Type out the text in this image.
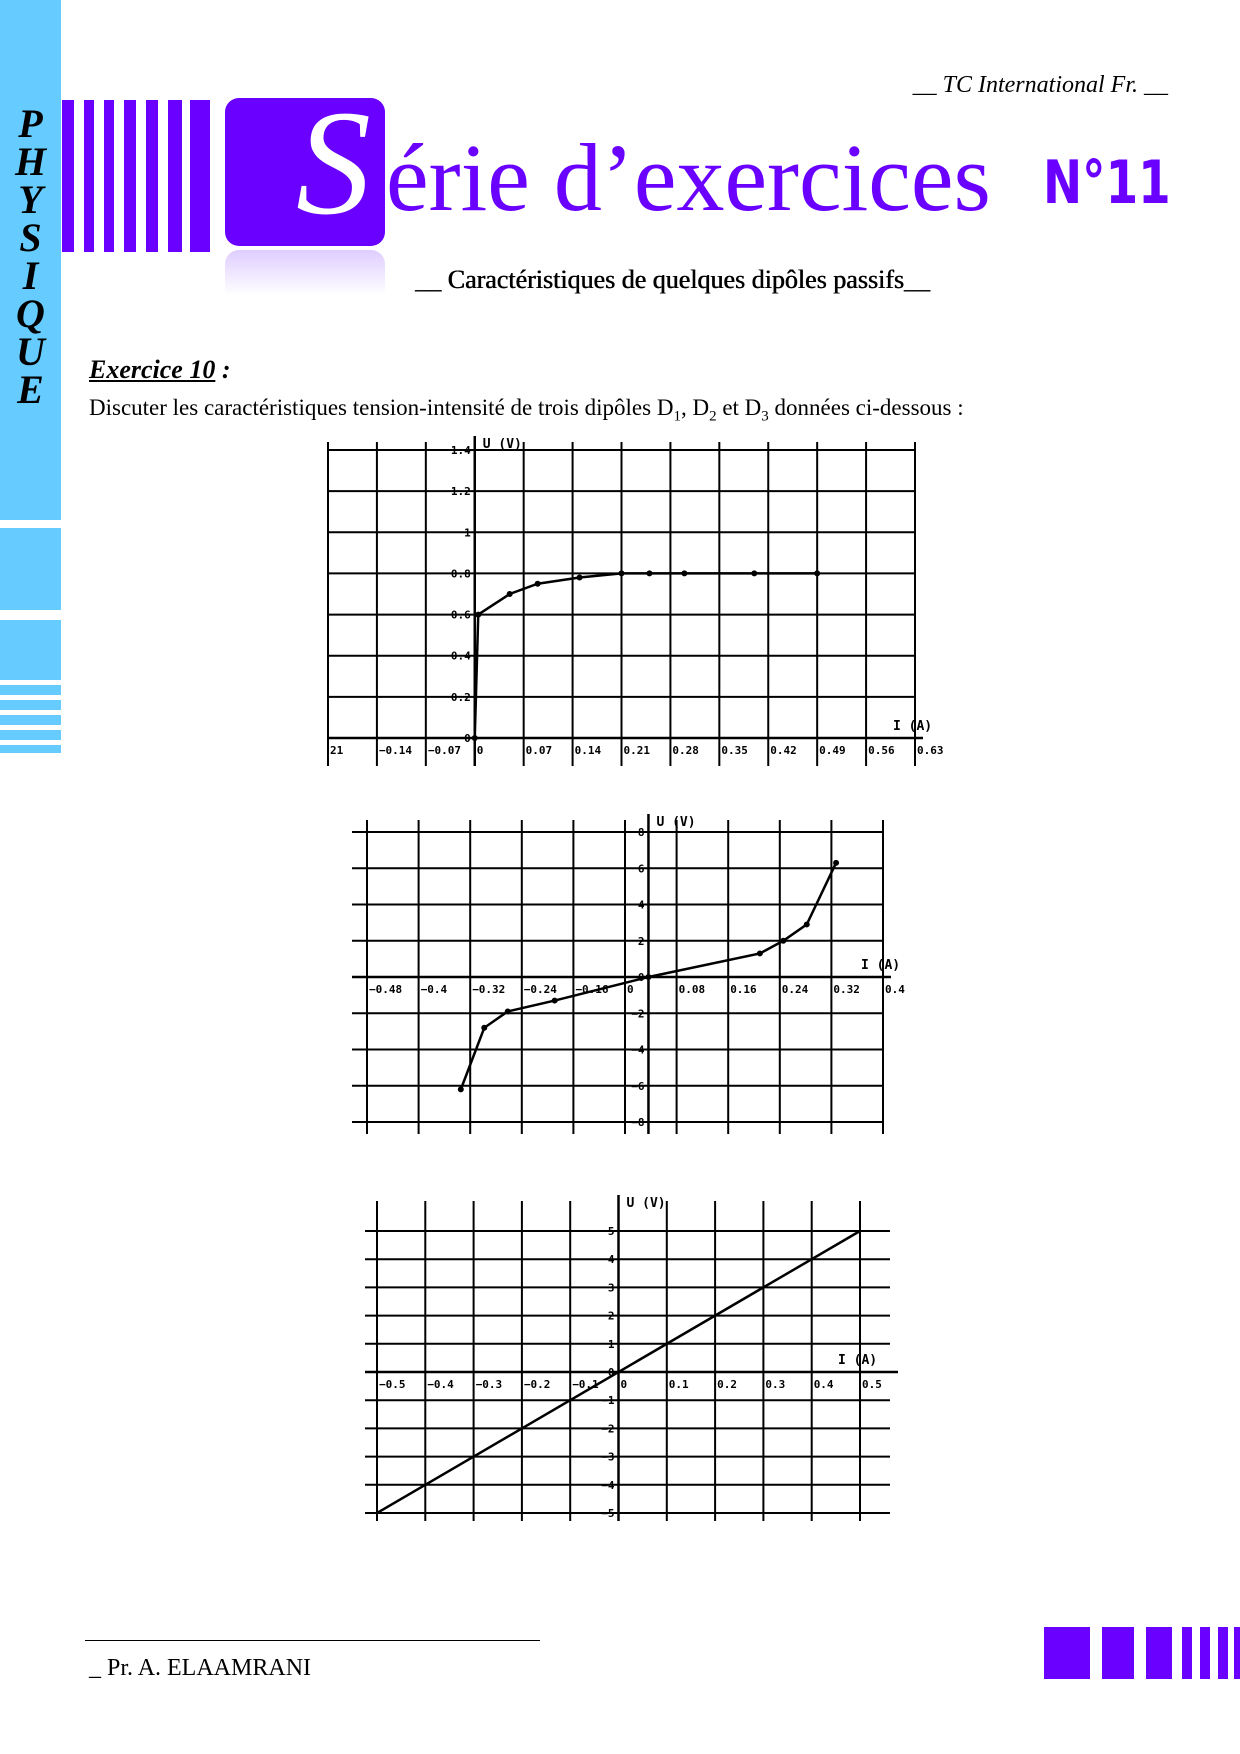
P
H
Y
S
I
Q
U
E
S érie d’exercices N°11
__ TC International Fr. __
__ Caractéristiques de quelques dipôles passifs__
Exercice 10 :
Discuter les caractéristiques tension-intensité de trois dipôles $D_1$, $D_2$ et $D_3$ données ci-dessous :
21	−0.14 −0.07 0	0.07 0.14 0.21 0.28 0.35 0.42 0.49 0.56 0.63
0
0.2
0.4
0.6
0.8
1
1.2
1.4 U (V)
I (A)
−0.48 −0.4 −0.32 −0.24 −0.16 0	0.08 0.16 0.24 0.32 0.4
−8
−6
−4
−2
0
2
4
6
8
U (V)
I (A)
−0.5 −0.4 −0.3 −0.2 −0.1 0	0.1	0.2	0.3	0.4	0.5
−5
−4
−3
−2
−1
0
1
2
3
4
5
U (V)
I (A)
_ Pr. A. ELAAMRANI
